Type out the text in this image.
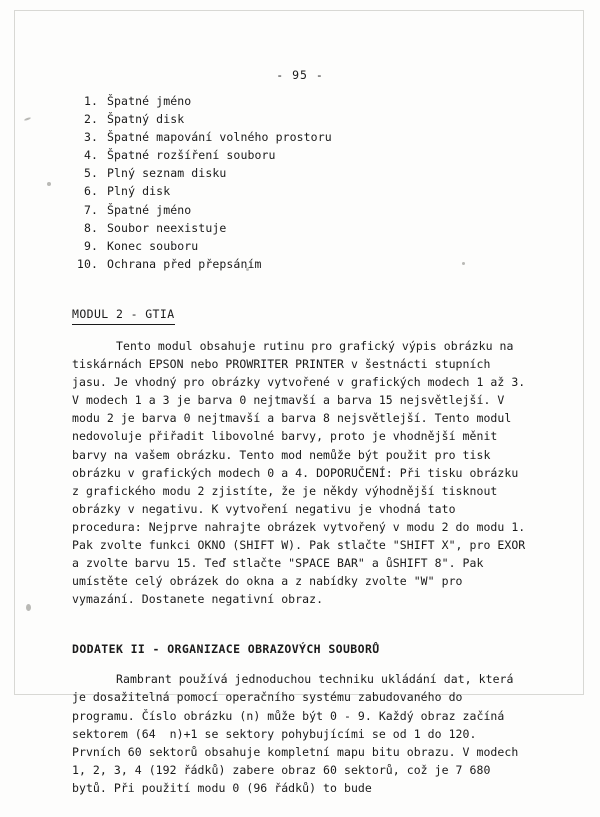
- 95 -
1. Špatné jméno
2. Špatný disk
3. Špatné mapování volného prostoru
4. Špatné rozšíření souboru
5. Plný seznam disku
6. Plný disk
7. Špatné jméno
8. Soubor neexistuje
9. Konec souboru
10. Ochrana před přepsáním
MODUL 2 - GTIA
Tento modul obsahuje rutinu pro grafický výpis obrázku na tiskárnách EPSON nebo PROWRITER PRINTER v šestnácti stupních jasu. Je vhodný pro obrázky vytvořené v grafických modech 1 až 3. V modech 1 a 3 je barva 0 nejtmavší a barva 15 nejsvětlejší. V modu 2 je barva 0 nejtmavší a barva 8 nejsvětlejší. Tento modul nedovoluje přiřadit libovolné barvy, proto je vhodnější měnit barvy na vašem obrázku. Tento mod nemůže být použit pro tisk obrázku v grafických modech 0 a 4. DOPORUČENÍ: Při tisku obrázku z grafického modu 2 zjistíte, že je někdy výhodnější tisknout obrázky v negativu. K vytvoření negativu je vhodná tato procedura: Nejprve nahrajte obrázek vytvořený v modu 2 do modu 1. Pak zvolte funkci OKNO (SHIFT W). Pak stlačte "SHIFT X", pro EXOR a zvolte barvu 15. Teď stlačte "SPACE BAR" a ůSHIFT 8". Pak umístěte celý obrázek do okna a z nabídky zvolte "W" pro vymazání. Dostanete negativní obraz.
DODATEK II - ORGANIZACE OBRAZOVÝCH SOUBORŮ
Rambrant používá jednoduchou techniku ukládání dat, která je dosažitelná pomocí operačního systému zabudovaného do programu. Číslo obrázku (n) může být 0 - 9. Každý obraz začíná sektorem (64  n)+1 se sektory pohybujícími se od 1 do 120. Prvních 60 sektorů obsahuje kompletní mapu bitu obrazu. V modech 1, 2, 3, 4 (192 řádků) zabere obraz 60 sektorů, což je 7 680 bytů. Při použití modu 0 (96 řádků) to bude
